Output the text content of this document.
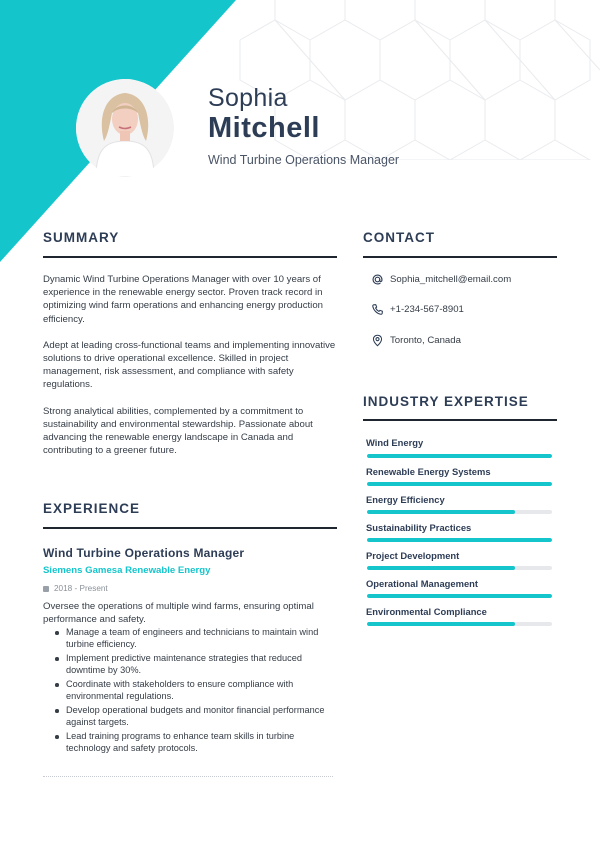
Sophia
Mitchell
Wind Turbine Operations Manager
SUMMARY

Dynamic Wind Turbine Operations Manager with over 10 years of experience in the renewable energy sector. Proven track record in optimizing wind farm operations and enhancing energy production efficiency.

Adept at leading cross-functional teams and implementing innovative solutions to drive operational excellence. Skilled in project management, risk assessment, and compliance with safety regulations.

Strong analytical abilities, complemented by a commitment to sustainability and environmental stewardship. Passionate about advancing the renewable energy landscape in Canada and contributing to a greener future.

EXPERIENCE
Wind Turbine Operations Manager
Siemens Gamesa Renewable Energy
2018 - Present
Oversee the operations of multiple wind farms, ensuring optimal performance and safety.
Manage a team of engineers and technicians to maintain wind turbine efficiency.
Implement predictive maintenance strategies that reduced downtime by 30%.
Coordinate with stakeholders to ensure compliance with environmental regulations.
Develop operational budgets and monitor financial performance against targets.
Lead training programs to enhance team skills in turbine technology and safety protocols.
CONTACT
Sophia_mitchell@email.com
+1-234-567-8901
Toronto, Canada
INDUSTRY EXPERTISE
Wind Energy
Renewable Energy Systems
Energy Efficiency
Sustainability Practices
Project Development
Operational Management
Environmental Compliance
